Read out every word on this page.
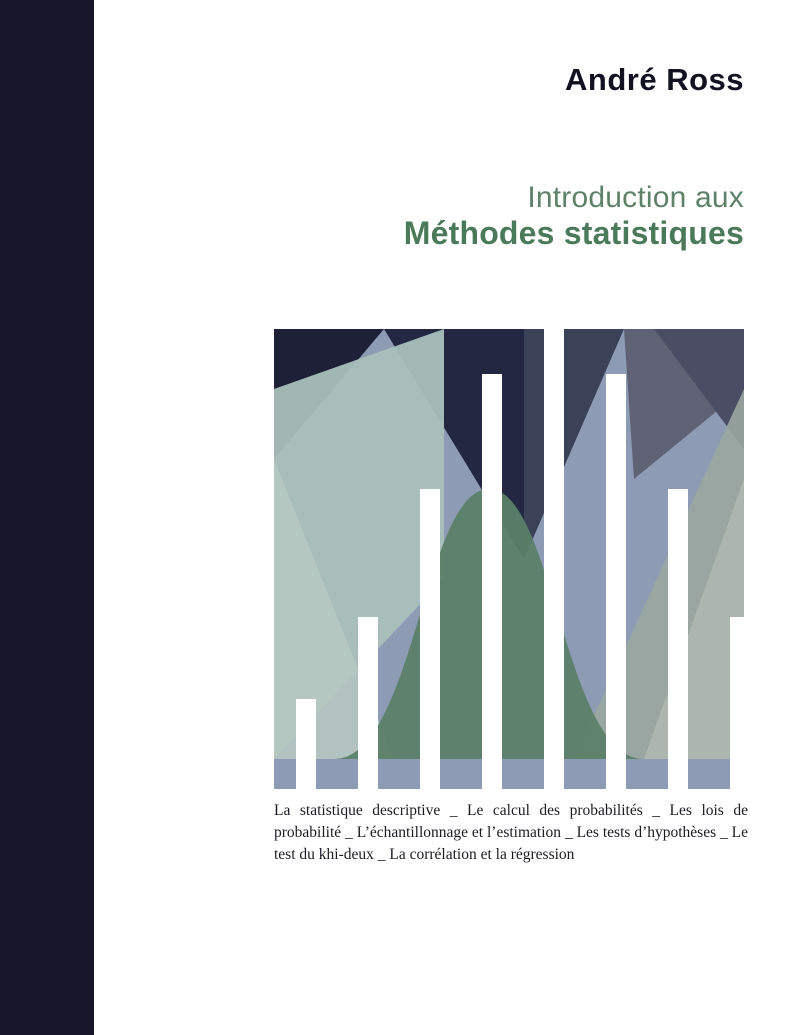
André Ross
Introduction aux
Méthodes statistiques
La statistique descriptive _ Le calcul des probabilités _ Les lois de probabilité _ L’échantillonnage et l’estimation _ Les tests d’hypothèses _ Le test du khi-deux _ La corrélation et la régression
